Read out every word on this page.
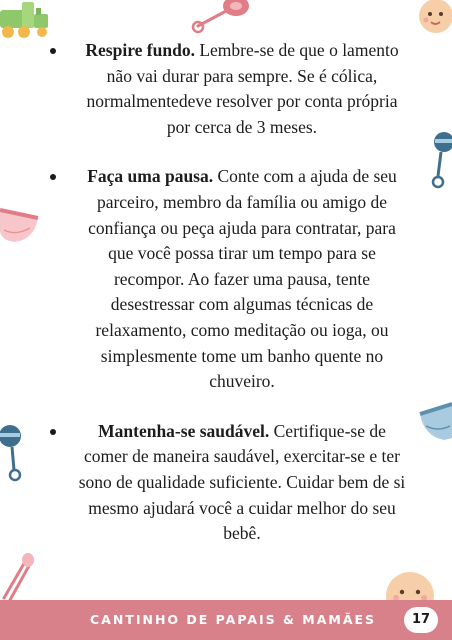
Respire fundo. Lembre-se de que o lamento não vai durar para sempre. Se é cólica, normalmentedeve resolver por conta própria por cerca de 3 meses.

Faça uma pausa. Conte com a ajuda de seu parceiro, membro da família ou amigo de confiança ou peça ajuda para contratar, para que você possa tirar um tempo para se recompor. Ao fazer uma pausa, tente desestressar com algumas técnicas de relaxamento, como meditação ou ioga, ou simplesmente tome um banho quente no chuveiro.

Mantenha-se saudável. Certifique-se de comer de maneira saudável, exercitar-se e ter sono de qualidade suficiente. Cuidar bem de si mesmo ajudará você a cuidar melhor do seu bebê.

CANTINHO DE PAPAIS & MAMÃES	17
